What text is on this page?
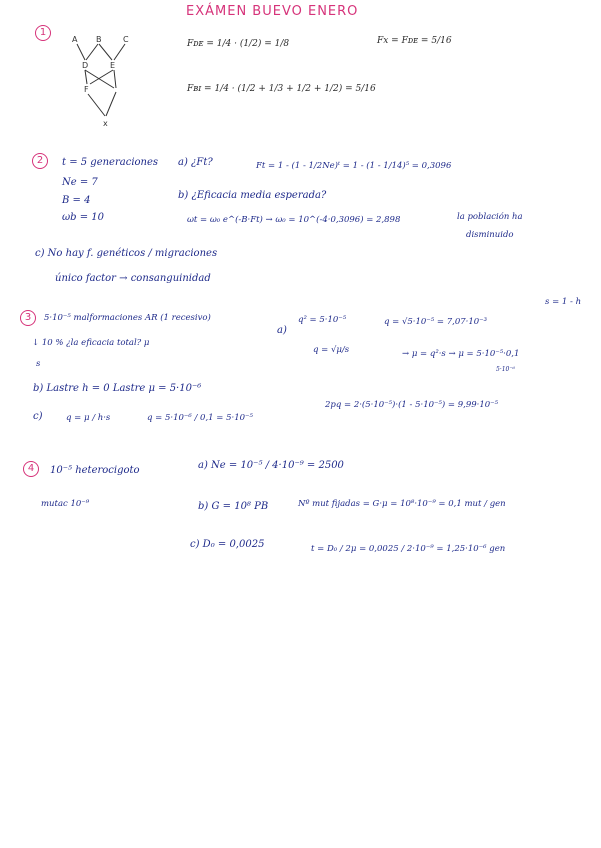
EXÁMEN BUEVO ENERO
1
A B	C
D	E
F
x
Fᴅᴇ = 1/4 · (1/2) = 1/8	Fx = Fᴅᴇ = 5/16
Fʙɪ = 1/4 · (1/2 + 1/3 + 1/2 + 1/2) = 5/16
2	t = 5 generaciones
Ne = 7
B = 4
ωb = 10
a) ¿Ft?	Ft = 1 - (1 - 1/2Ne)ᵗ = 1 - (1 - 1/14)⁵ = 0,3096
b) ¿Eficacia media esperada?
ωt = ω₀ e^(-B·Ft) → ω₀ = 10^(-4·0,3096) = 2,898	la población ha
disminuido
c) No hay f. genéticos / migraciones
único factor → consanguinidad
3	5·10⁻⁵ malformaciones AR (1 recesivo)
↓ 10 % ¿la eficacia total? μ
s
s = 1 - h
a)
q² = 5·10⁻⁵	q = √5·10⁻⁵ = 7,07·10⁻³
q = √μ/s	→ μ = q²·s → μ = 5·10⁻⁵·0,1
5·10⁻⁶
b) Lastre h = 0 Lastre μ = 5·10⁻⁶
c)	q = μ / h·s	q = 5·10⁻⁶ / 0,1 = 5·10⁻⁵
2pq = 2·(5·10⁻⁵)·(1 - 5·10⁻⁵) = 9,99·10⁻⁵
4	10⁻⁵ heterocigoto
mutac 10⁻⁹
a) Ne = 10⁻⁵ / 4·10⁻⁹ = 2500
b) G = 10⁸ PB	Nº mut fijadas = G·μ = 10⁸·10⁻⁹ = 0,1 mut / gen
c) D₀ = 0,0025	t = D₀ / 2μ = 0,0025 / 2·10⁻⁹ = 1,25·10⁻⁶ gen
